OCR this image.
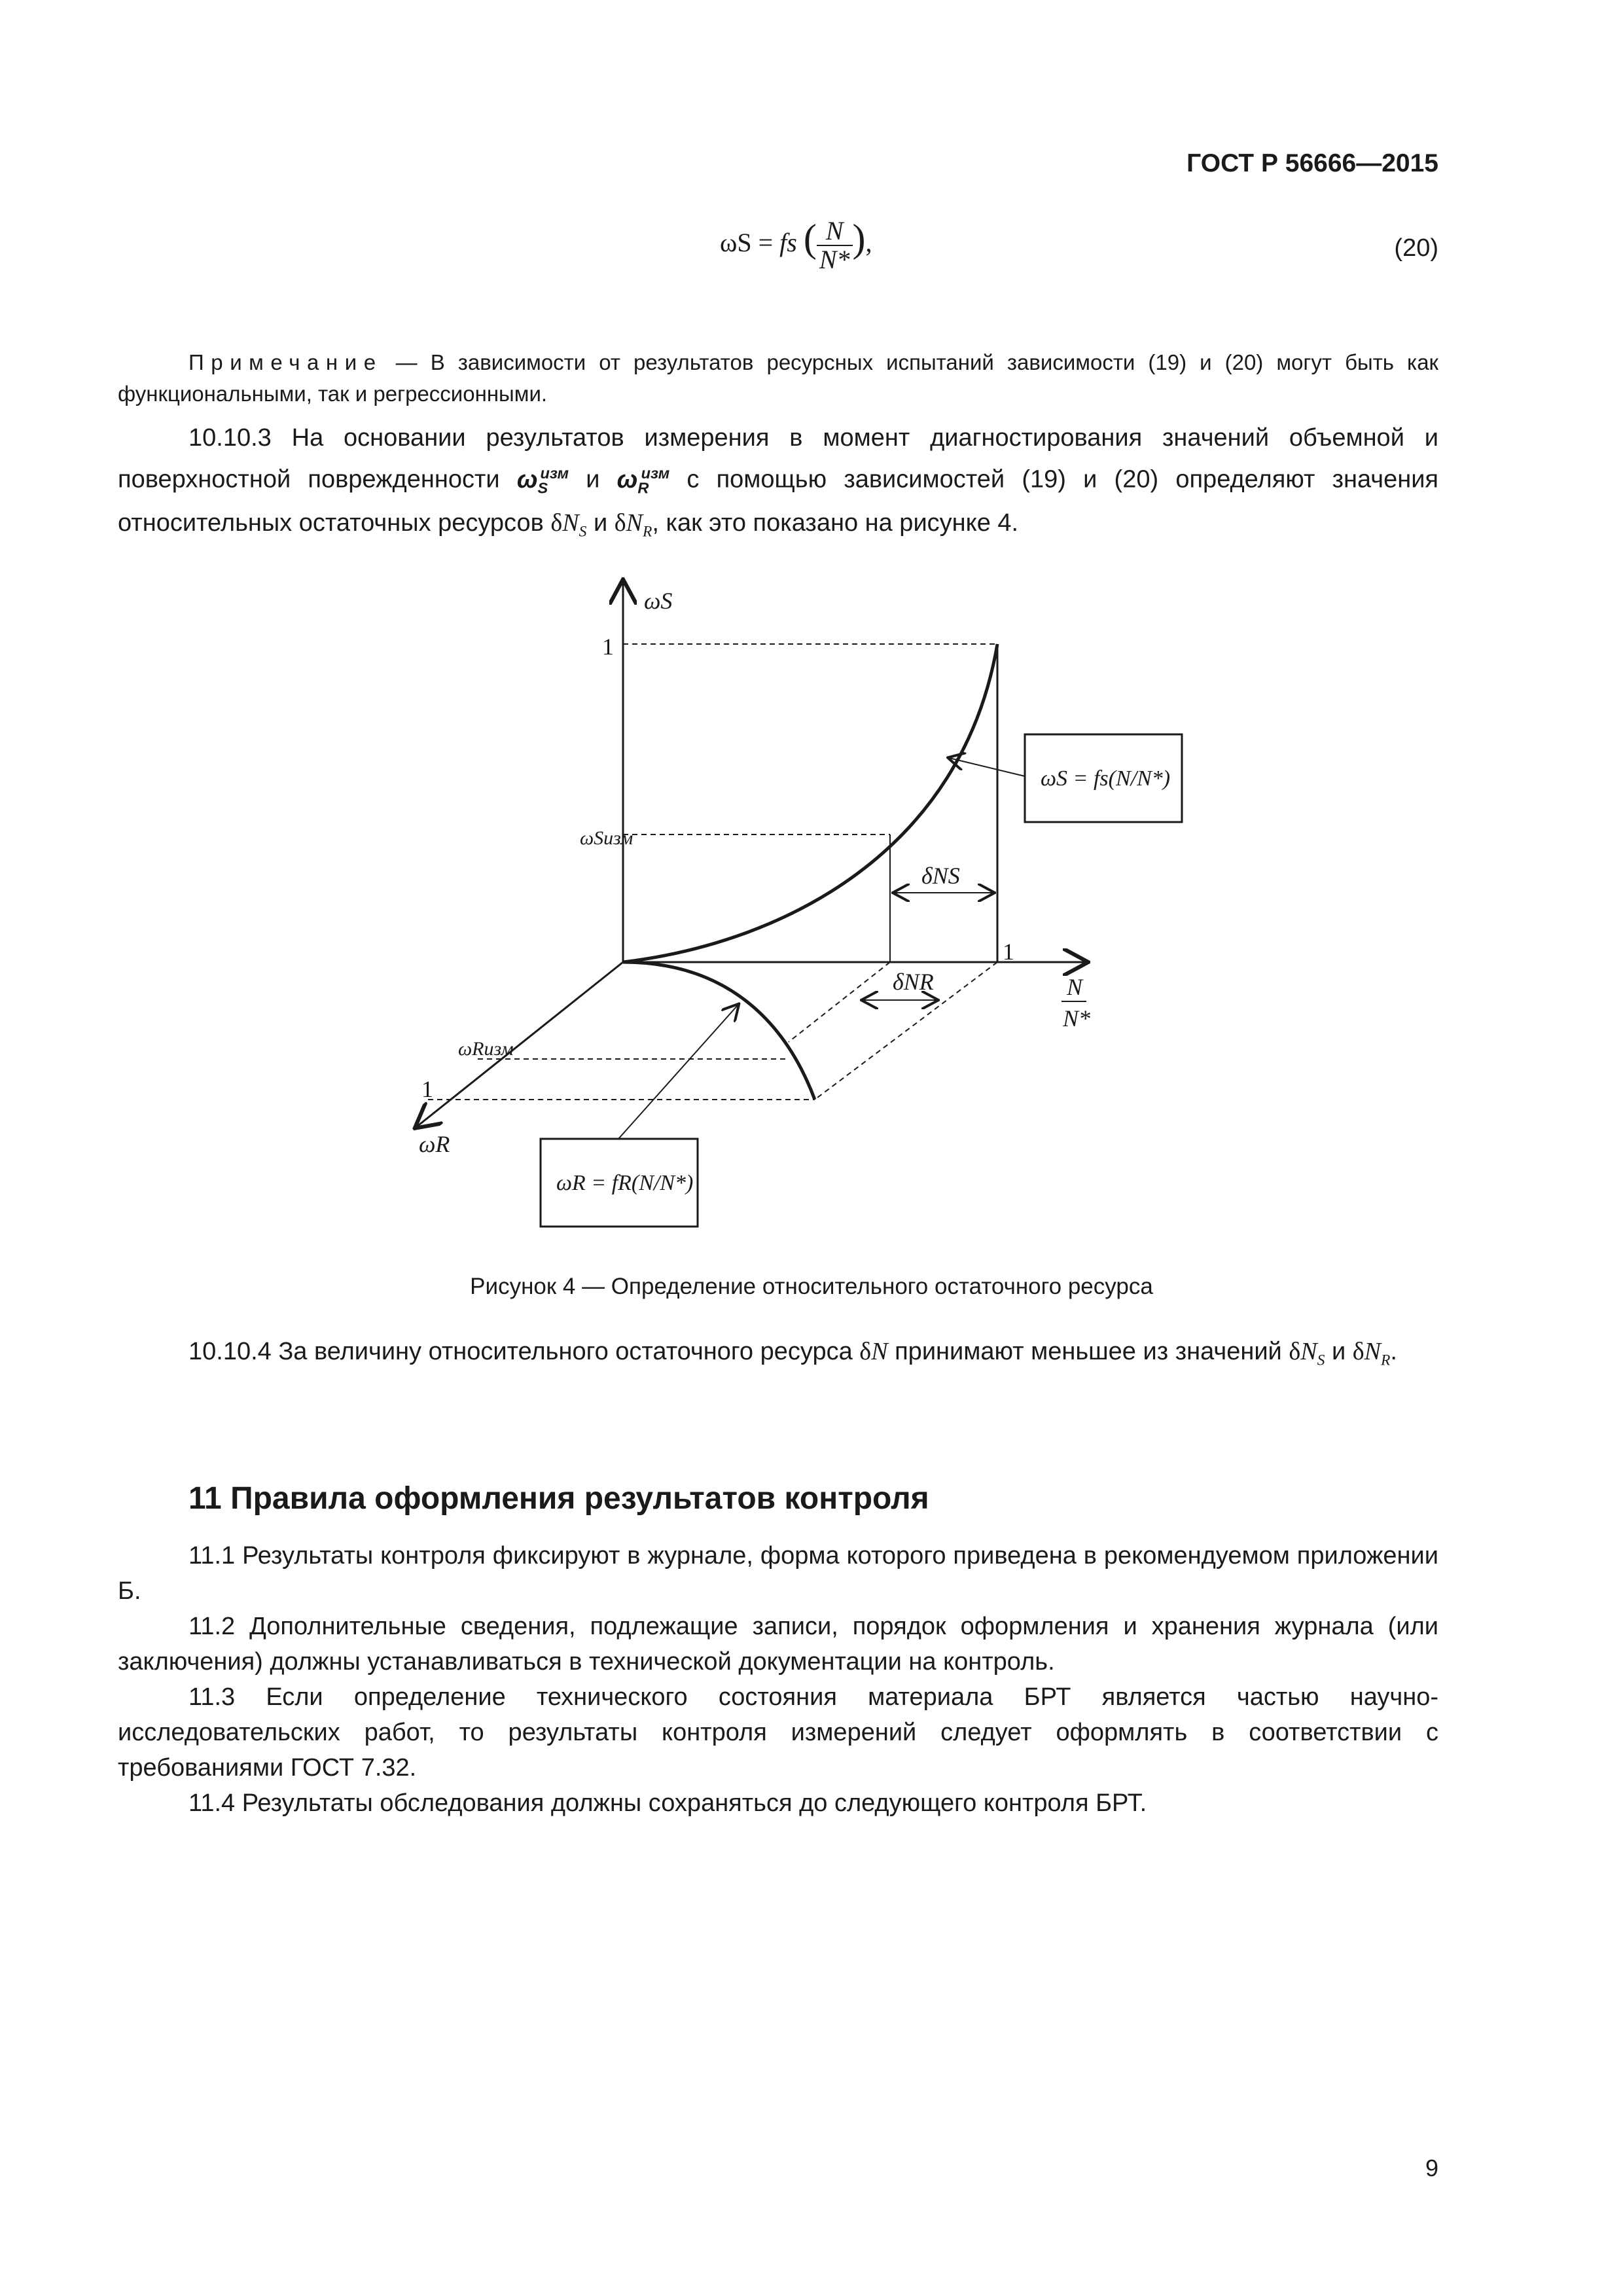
ГОСТ Р 56666—2015
ωS = fs ( $\frac{N}{N*}$ ),	(20)
Примечание — В зависимости от результатов ресурсных испытаний зависимости (19) и (20) могут быть как функциональными, так и регрессионными.
10.10.3 На основании результатов измерения в момент диагностирования значений объемной и поверхностной поврежденности $\omega_S^{изм}$ и $\omega_R^{изм}$ с помощью зависимостей (19) и (20) определяют значения относительных остаточных ресурсов $\delta N_S$ и $\delta N_R$, как это показано на рисунке 4.
ωS
1
ωSизм
δNS
1
N
N*
δNR
ωRизм
1
ωR
ωS = fs(N/N*)
ωR = fR(N/N*)
Рисунок 4 — Определение относительного остаточного ресурса
10.10.4 За величину относительного остаточного ресурса δN принимают меньшее из значений $\delta N_S$ и $\delta N_R$.
11 Правила оформления результатов контроля
11.1 Результаты контроля фиксируют в журнале, форма которого приведена в рекомендуемом приложении Б.
11.2 Дополнительные сведения, подлежащие записи, порядок оформления и хранения журнала (или заключения) должны устанавливаться в технической документации на контроль.
11.3 Если определение технического состояния материала БРТ является частью научно-исследовательских работ, то результаты контроля измерений следует оформлять в соответствии с требованиями ГОСТ 7.32.
11.4 Результаты обследования должны сохраняться до следующего контроля БРТ.
9
